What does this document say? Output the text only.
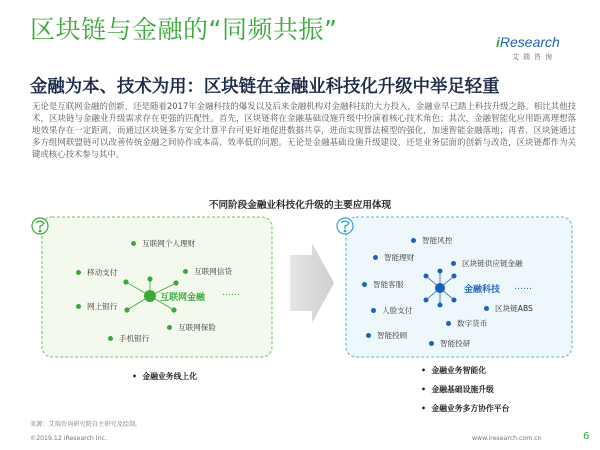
区块链与金融的“同频共振”	iResearch
艾瑞咨询
金融为本、技术为用：区块链在金融业科技化升级中举足轻重
无论是互联网金融的创新，还是随着2017年金融科技的爆发以及后来金融机构对金融科技的大力投入，金融业早已踏上科技升级之路。相比其他技术，区块链与金融业升级需求存在更强的匹配性。首先，区块链将在金融基础设施升级中扮演着核心技术角色；其次，金融智能化应用距离理想落地效果存在一定距离，而通过区块链多方安全计算平台可更好地促进数据共享，进而实现算法模型的强化，加速智能金融落地；再者，区块链通过多方组网联盟链可以改善传统金融之间协作成本高、效率低的问题。无论是金融基础设施升级建设，还是业务层面的创新与改造，区块链都作为关键或核心技术参与其中。
不同阶段金融业科技化升级的主要应用体现
互联网个人理财
移动支付	互联网信贷
互联网金融 ……
网上银行
互联网保险
手机银行
智能风控
智能理财
区块链供应链金融
智能客服
金融科技 ……
人脸支付	区块链ABS
数字货币
智能投顾
智能投研
•  金融业务线上化
•  金融业务智能化
•  金融基础设施升级
•  金融业务多方协作平台
来源：艾瑞咨询研究院自主研究及绘制。
©2019.12 iResearch Inc.	www.iresearch.com.cn	6
